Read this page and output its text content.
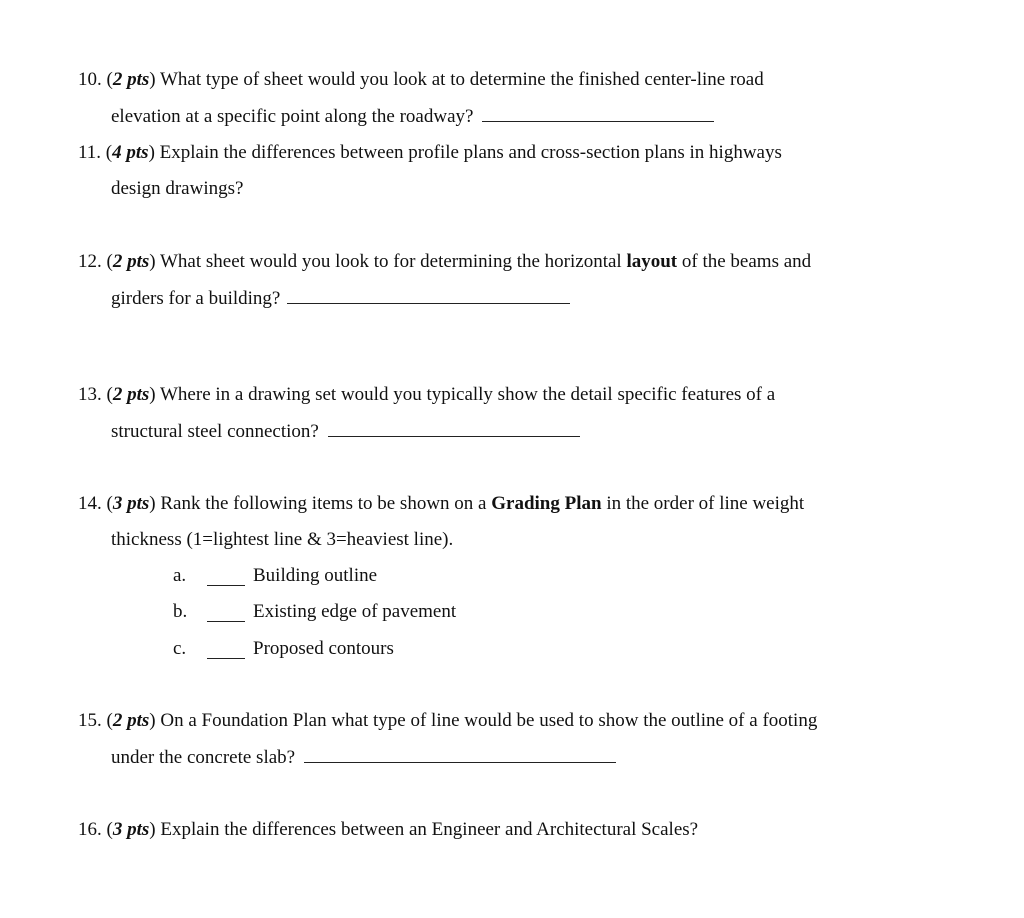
10. (2 pts) What type of sheet would you look at to determine the finished center-line road
elevation at a specific point along the roadway?
11. (4 pts) Explain the differences between profile plans and cross-section plans in highways
design drawings?
12. (2 pts) What sheet would you look to for determining the horizontal layout of the beams and
girders for a building?
13. (2 pts) Where in a drawing set would you typically show the detail specific features of a
structural steel connection?
14. (3 pts) Rank the following items to be shown on a Grading Plan in the order of line weight
thickness (1=lightest line & 3=heaviest line).
a.	Building outline
b.	Existing edge of pavement
c.	Proposed contours
15. (2 pts) On a Foundation Plan what type of line would be used to show the outline of a footing
under the concrete slab?
16. (3 pts) Explain the differences between an Engineer and Architectural Scales?
